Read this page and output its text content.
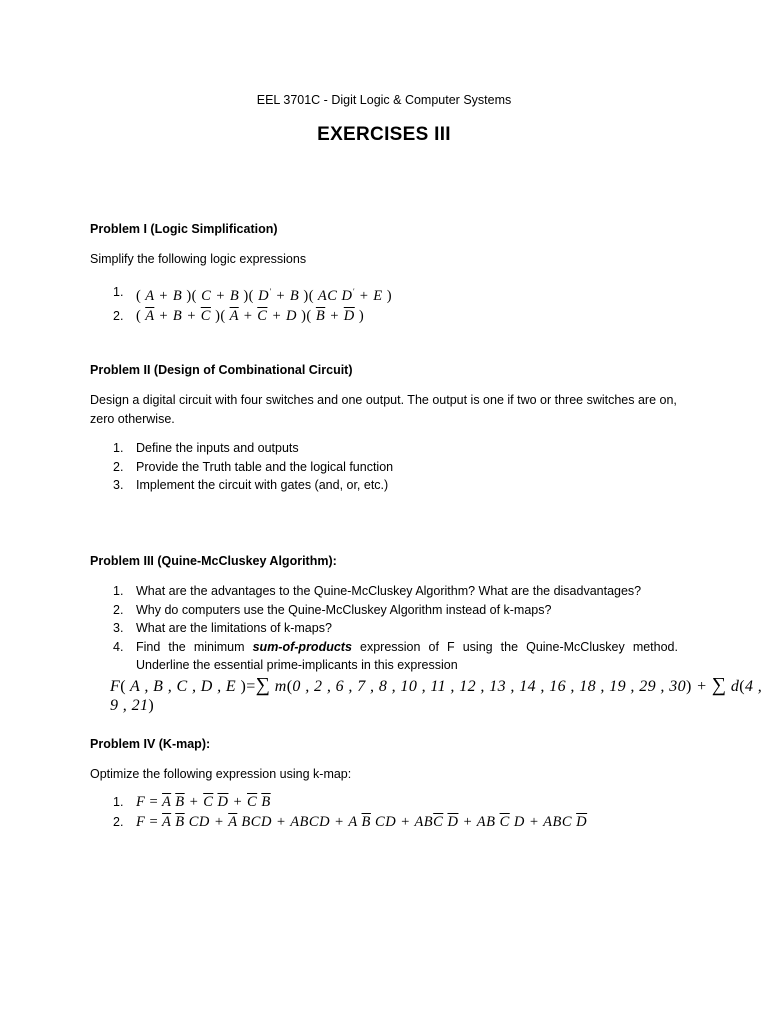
EEL 3701C - Digit Logic & Computer Systems
EXERCISES III
Problem I (Logic Simplification)
Simplify the following logic expressions
1. ( A + B )( C + B )( D' + B )( AC D' + E )
2. ( $\overline{A} + B + \overline{C}$ )( $\overline{A} + \overline{C} + D$ )( $\overline{B} + \overline{D}$ )
Problem II (Design of Combinational Circuit)
Design a digital circuit with four switches and one output. The output is one if two or three switches are on, zero otherwise.
1. Define the inputs and outputs
2. Provide the Truth table and the logical function
3. Implement the circuit with gates (and, or, etc.)
Problem III (Quine-McCluskey Algorithm):
1. What are the advantages to the Quine-McCluskey Algorithm? What are the disadvantages?
2. Why do computers use the Quine-McCluskey Algorithm instead of k-maps?
3. What are the limitations of k-maps?
4. Find the minimum sum-of-products expression of F using the Quine-McCluskey method. Underline the essential prime-implicants in this expression
F( A , B , C , D , E )=∑ m(0 , 2 , 6 , 7 , 8 , 10 , 11 , 12 , 13 , 14 , 16 , 18 , 19 , 29 , 30) + ∑ d(4 , 9 , 21)
Problem IV (K-map):
Optimize the following expression using k-map:
1. $F = \overline{A}$ $\overline{B} + \overline{C}$ $\overline{D} + \overline{C}$ $\overline{B}$
2. $F = \overline{A}$ $\overline{B}$ CD + $\overline{A}$ BCD + ABCD + A $\overline{B}$ CD + $AB\overline{C}$ $\overline{D}$ + AB $\overline{C}$ D + ABC $\overline{D}$
